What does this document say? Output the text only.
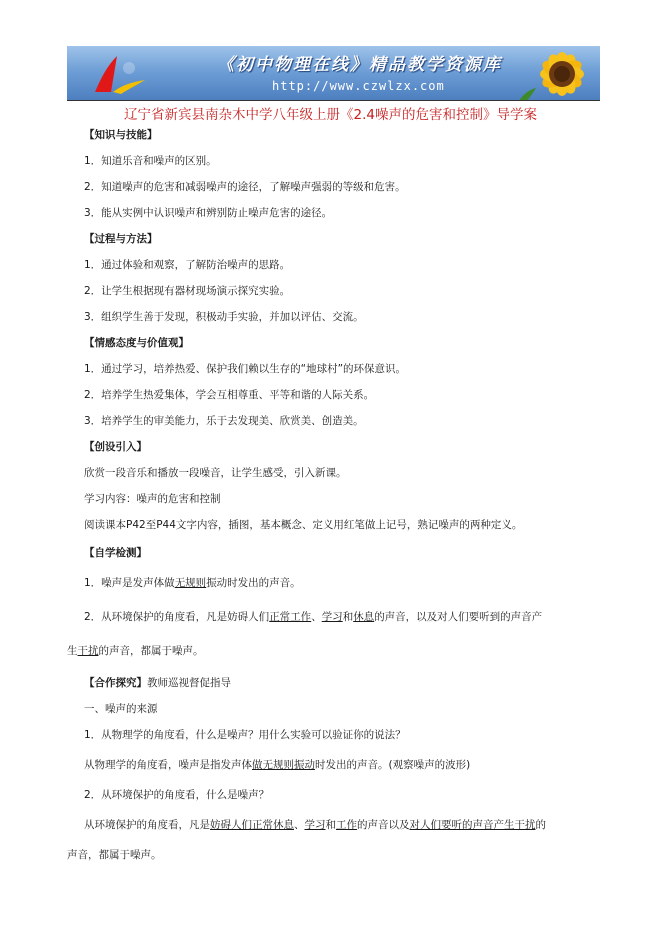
《初中物理在线》精品教学资源库
http://www.czwlzx.com
辽宁省新宾县南杂木中学八年级上册《2.4噪声的危害和控制》导学案
【知识与技能】
1．知道乐音和噪声的区别。
2．知道噪声的危害和减弱噪声的途径，了解噪声强弱的等级和危害。
3．能从实例中认识噪声和辨别防止噪声危害的途径。
【过程与方法】
1．通过体验和观察，了解防治噪声的思路。
2．让学生根据现有器材现场演示探究实验。
3．组织学生善于发现，积极动手实验，并加以评估、交流。
【情感态度与价值观】
1．通过学习，培养热爱、保护我们赖以生存的“地球村”的环保意识。
2．培养学生热爱集体，学会互相尊重、平等和谐的人际关系。
3．培养学生的审美能力，乐于去发现美、欣赏美、创造美。
【创设引入】
欣赏一段音乐和播放一段噪音，让学生感受，引入新课。
学习内容：噪声的危害和控制
阅读课本P42至P44文字内容，插图，基本概念、定义用红笔做上记号，熟记噪声的两种定义。
【自学检测】
1．噪声是发声体做无规则振动时发出的声音。
2．从环境保护的角度看，凡是妨碍人们正常工作、学习和休息的声音，以及对人们要听到的声音产
生干扰的声音，都属于噪声。
【合作探究】教师巡视督促指导
一、噪声的来源
1．从物理学的角度看，什么是噪声？用什么实验可以验证你的说法？
从物理学的角度看，噪声是指发声体做无规则振动时发出的声音。(观察噪声的波形)
2．从环境保护的角度看，什么是噪声？
从环境保护的角度看，凡是妨碍人们正常休息、学习和工作的声音以及对人们要听的声音产生干扰的
声音，都属于噪声。
